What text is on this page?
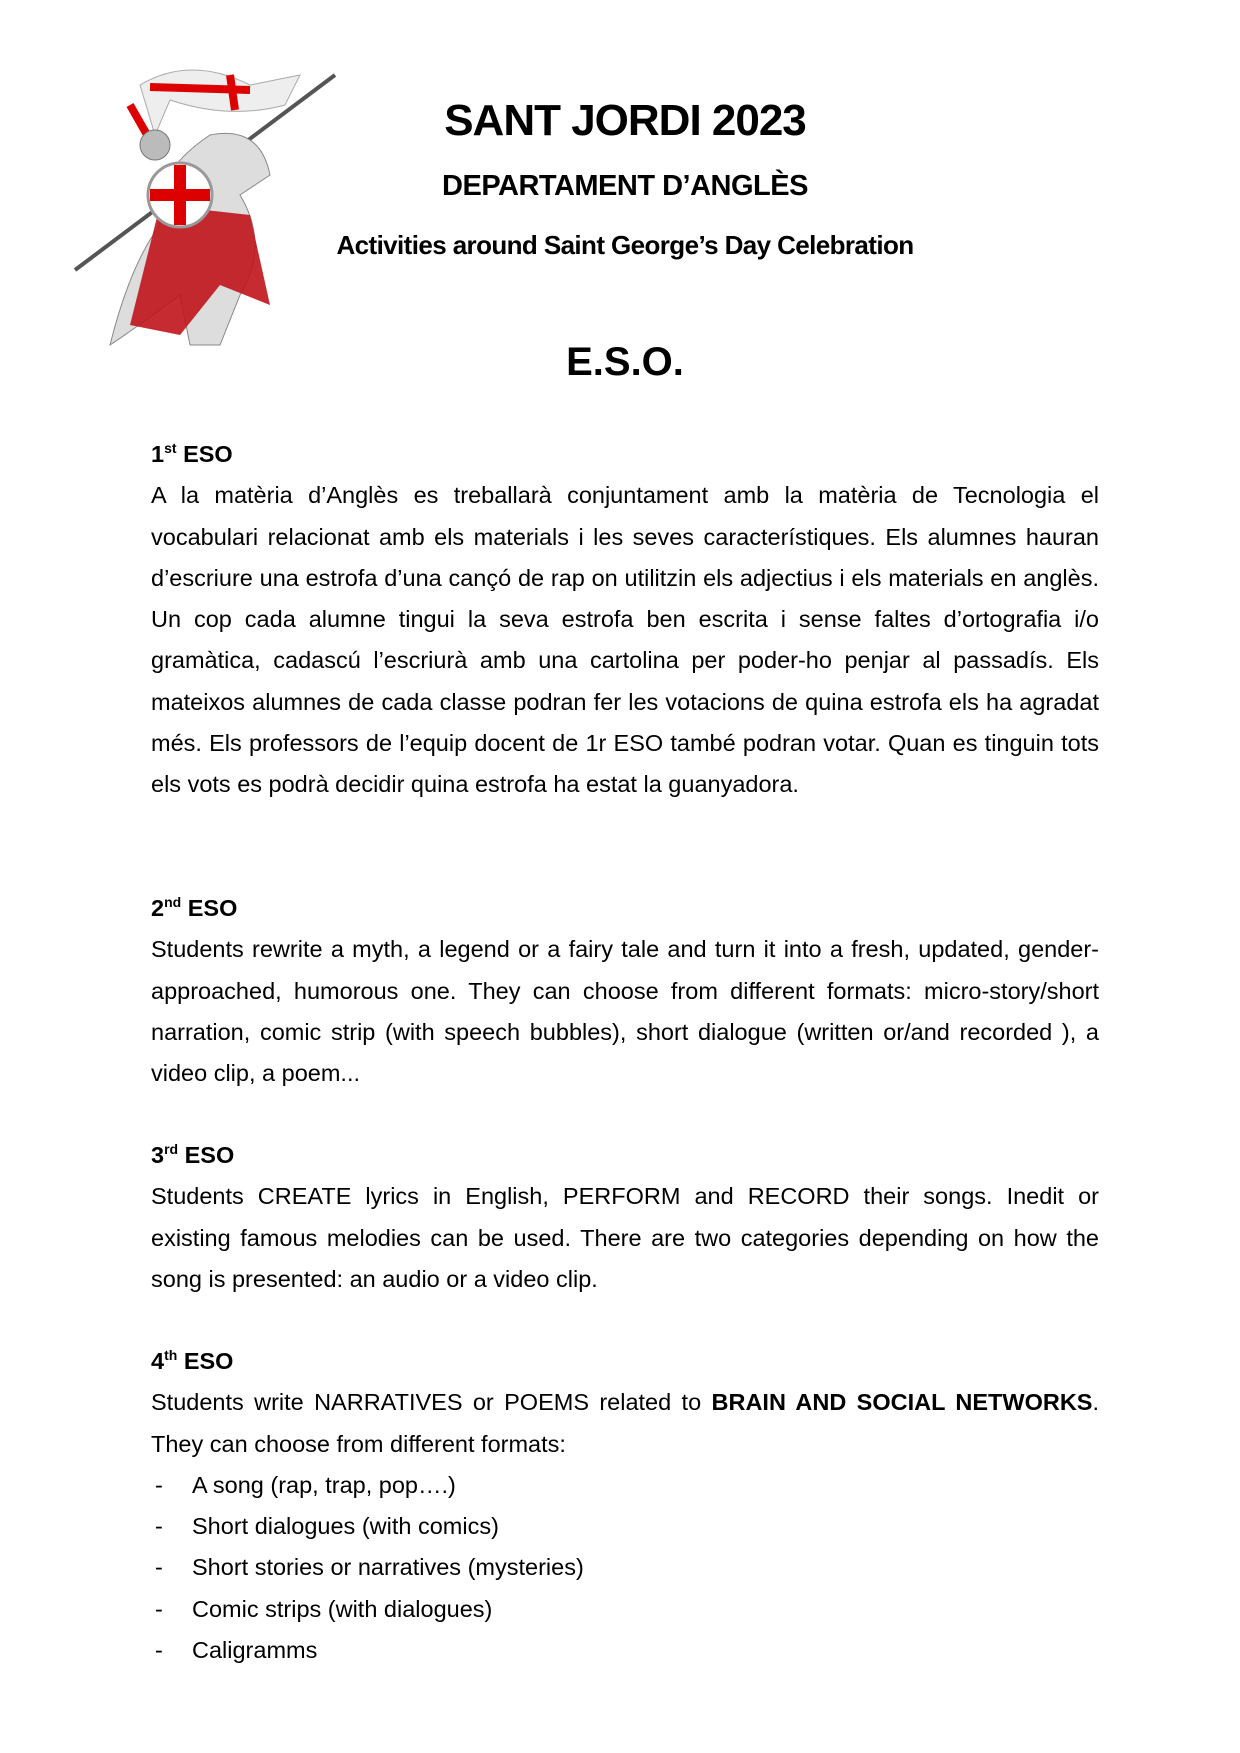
SANT JORDI 2023
DEPARTAMENT D’ANGLÈS
Activities around Saint George’s Day Celebration
E.S.O.
1st ESO

A la matèria d’Anglès es treballarà conjuntament amb la matèria de Tecnologia el vocabulari relacionat amb els materials i les seves característiques. Els alumnes hauran d’escriure una estrofa d’una cançó de rap on utilitzin els adjectius i els materials en anglès. Un cop cada alumne tingui la seva estrofa ben escrita i sense faltes d’ortografia i/o gramàtica, cadascú l’escriurà amb una cartolina per poder-ho penjar al passadís. Els mateixos alumnes de cada classe podran fer les votacions de quina estrofa els ha agradat més. Els professors de l’equip docent de 1r ESO també podran votar. Quan es tinguin tots els vots es podrà decidir quina estrofa ha estat la guanyadora.

2nd ESO

Students rewrite a myth, a legend or a fairy tale and turn it into a fresh, updated, gender-approached, humorous one. They can choose from different formats: micro-story/short narration, comic strip (with speech bubbles), short dialogue (written or/and recorded ), a video clip, a poem...

3rd ESO

Students CREATE lyrics in English, PERFORM and RECORD their songs. Inedit or existing famous melodies can be used. There are two categories depending on how the song is presented: an audio or a video clip.

4th ESO

Students write NARRATIVES or POEMS related to BRAIN AND SOCIAL NETWORKS. They can choose from different formats:

- A song (rap, trap, pop….)
- Short dialogues (with comics)
- Short stories or narratives (mysteries)
- Comic strips (with dialogues)
- Caligramms
